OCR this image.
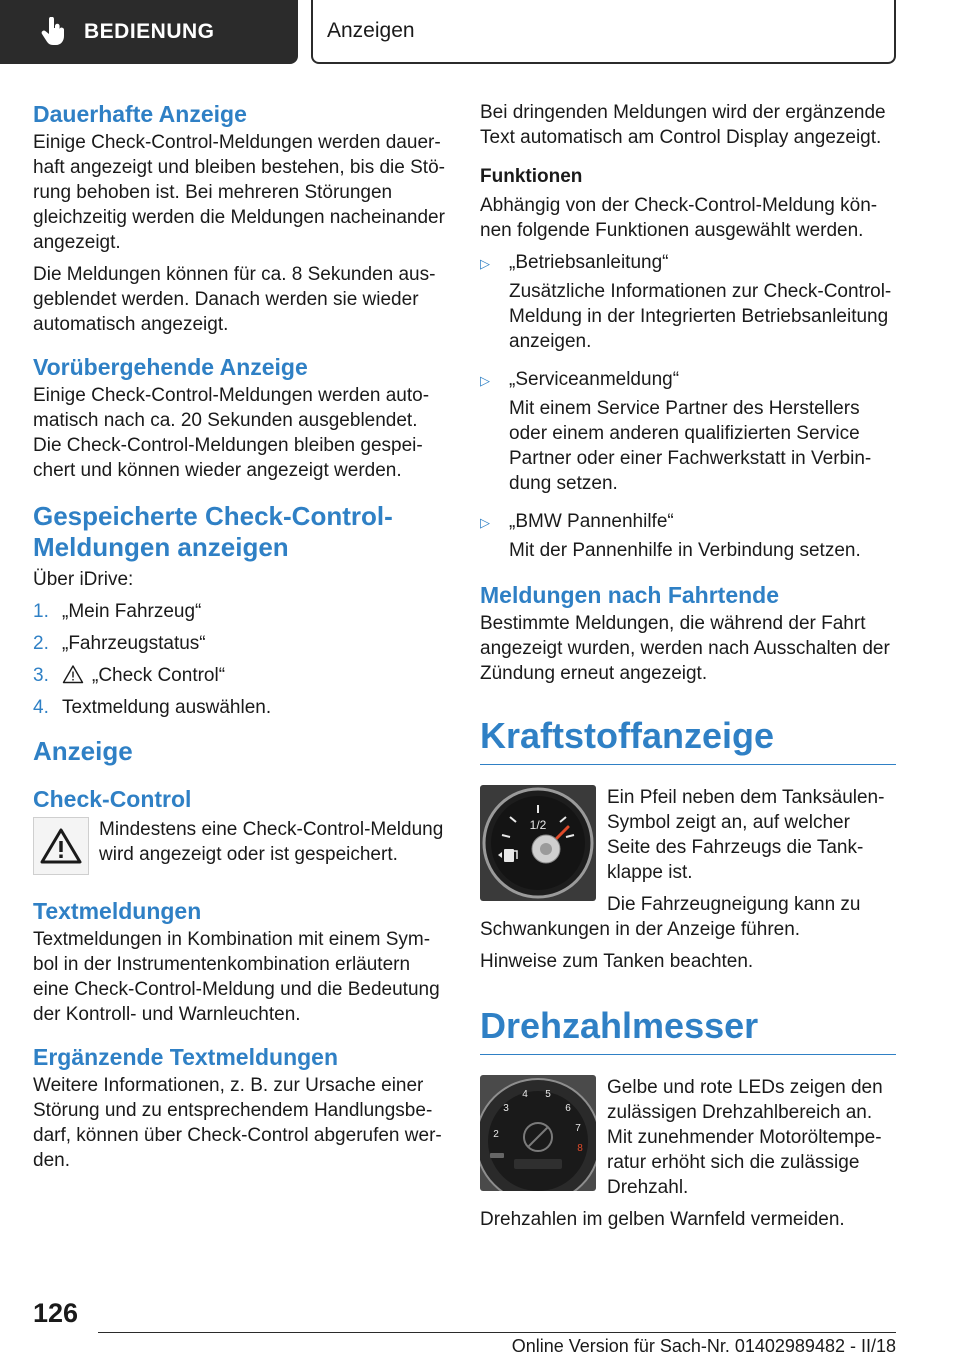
BEDIENUNG	Anzeigen
Dauerhafte Anzeige

Einige Check-Control-Meldungen werden dauerhaft angezeigt und bleiben bestehen, bis die Störung behoben ist. Bei mehreren Störungen gleichzeitig werden die Meldungen nacheinander angezeigt.

Die Meldungen können für ca. 8 Sekunden ausgeblendet werden. Danach werden sie wieder automatisch angezeigt.

Vorübergehende Anzeige

Einige Check-Control-Meldungen werden automatisch nach ca. 20 Sekunden ausgeblendet. Die Check-Control-Meldungen bleiben gespeichert und können wieder angezeigt werden.

Gespeicherte Check-Control-Meldungen anzeigen

Über iDrive:

1. „Mein Fahrzeug“
2. „Fahrzeugstatus“
3.	„Check Control“
4. Textmeldung auswählen.
Anzeige
Check-Control

Mindestens eine Check-Control-Meldung wird angezeigt oder ist gespeichert.

Textmeldungen

Textmeldungen in Kombination mit einem Symbol in der Instrumentenkombination erläutern eine Check-Control-Meldung und die Bedeutung der Kontroll- und Warnleuchten.

Ergänzende Textmeldungen

Weitere Informationen, z. B. zur Ursache einer Störung und zu entsprechendem Handlungsbedarf, können über Check-Control abgerufen werden.

Bei dringenden Meldungen wird der ergänzende Text automatisch am Control Display angezeigt.

Funktionen

Abhängig von der Check-Control-Meldung können folgende Funktionen ausgewählt werden.

▷	„Betriebsanleitung“

Zusätzliche Informationen zur Check-Control-Meldung in der Integrierten Betriebsanleitung anzeigen.

▷	„Serviceanmeldung“

Mit einem Service Partner des Herstellers oder einem anderen qualifizierten Service Partner oder einer Fachwerkstatt in Verbindung setzen.

▷	„BMW Pannenhilfe“

Mit der Pannenhilfe in Verbindung setzen.

Meldungen nach Fahrtende

Bestimmte Meldungen, die während der Fahrt angezeigt wurden, werden nach Ausschalten der Zündung erneut angezeigt.

Kraftstoffanzeige
1/2

Ein Pfeil neben dem Tanksäulen-Symbol zeigt an, auf welcher Seite des Fahrzeugs die Tankklappe ist.

Die Fahrzeugneigung kann zu Schwankungen in der Anzeige führen.

Hinweise zum Tanken beachten.

Drehzahlmesser
2
3
4 5
6
7
8

Gelbe und rote LEDs zeigen den zulässigen Drehzahlbereich an. Mit zunehmender Motoröltemperatur erhöht sich die zulässige Drehzahl.

Drehzahlen im gelben Warnfeld vermeiden.

126
Online Version für Sach-Nr. 01402989482 - II/18
